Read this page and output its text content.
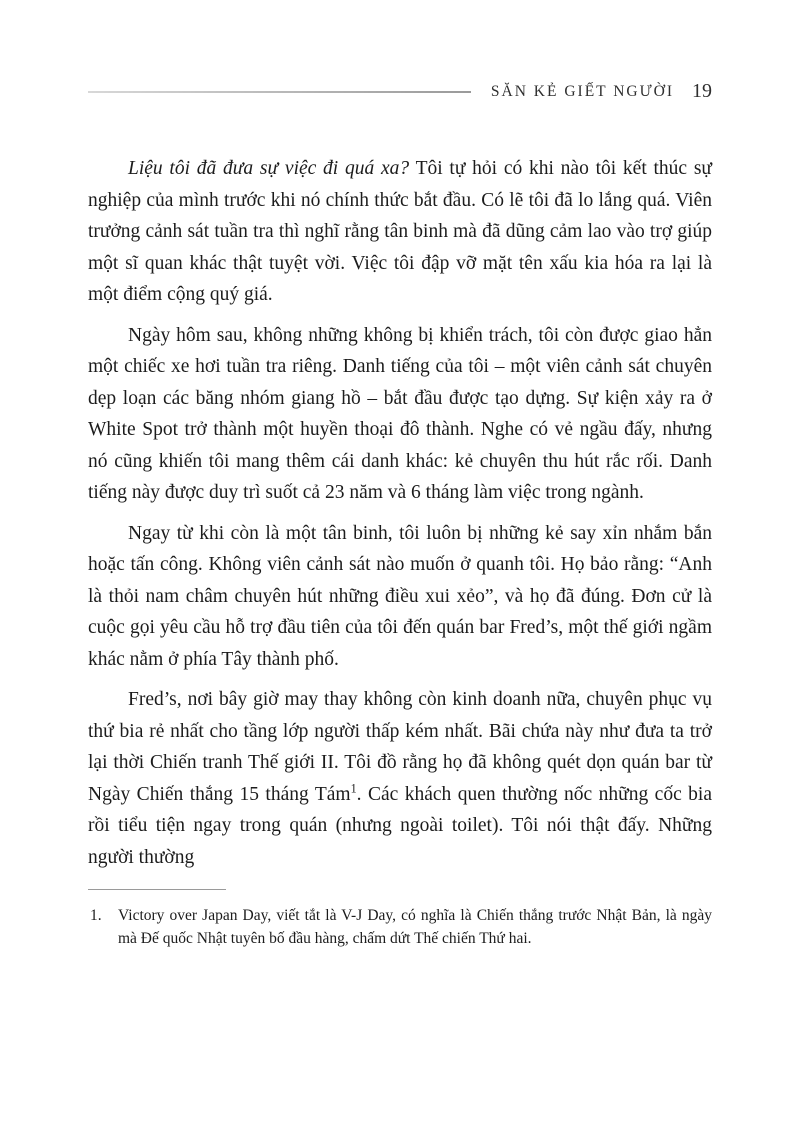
SĂN KẺ GIẾT NGƯỜI 19

Liệu tôi đã đưa sự việc đi quá xa? Tôi tự hỏi có khi nào tôi kết thúc sự nghiệp của mình trước khi nó chính thức bắt đầu. Có lẽ tôi đã lo lắng quá. Viên trưởng cảnh sát tuần tra thì nghĩ rằng tân binh mà đã dũng cảm lao vào trợ giúp một sĩ quan khác thật tuyệt vời. Việc tôi đập vỡ mặt tên xấu kia hóa ra lại là một điểm cộng quý giá.

Ngày hôm sau, không những không bị khiển trách, tôi còn được giao hẳn một chiếc xe hơi tuần tra riêng. Danh tiếng của tôi – một viên cảnh sát chuyên dẹp loạn các băng nhóm giang hồ – bắt đầu được tạo dựng. Sự kiện xảy ra ở White Spot trở thành một huyền thoại đô thành. Nghe có vẻ ngầu đấy, nhưng nó cũng khiến tôi mang thêm cái danh khác: kẻ chuyên thu hút rắc rối. Danh tiếng này được duy trì suốt cả 23 năm và 6 tháng làm việc trong ngành.

Ngay từ khi còn là một tân binh, tôi luôn bị những kẻ say xỉn nhắm bắn hoặc tấn công. Không viên cảnh sát nào muốn ở quanh tôi. Họ bảo rằng: “Anh là thỏi nam châm chuyên hút những điều xui xẻo”, và họ đã đúng. Đơn cử là cuộc gọi yêu cầu hỗ trợ đầu tiên của tôi đến quán bar Fred’s, một thế giới ngầm khác nằm ở phía Tây thành phố.

Fred’s, nơi bây giờ may thay không còn kinh doanh nữa, chuyên phục vụ thứ bia rẻ nhất cho tầng lớp người thấp kém nhất. Bãi chứa này như đưa ta trở lại thời Chiến tranh Thế giới II. Tôi đồ rằng họ đã không quét dọn quán bar từ Ngày Chiến thắng 15 tháng Tám$^1$. Các khách quen thường nốc những cốc bia rồi tiểu tiện ngay trong quán (nhưng ngoài toilet). Tôi nói thật đấy. Những người thường

1.	Victory over Japan Day, viết tắt là V-J Day, có nghĩa là Chiến thắng trước Nhật Bản, là ngày mà Đế quốc Nhật tuyên bố đầu hàng, chấm dứt Thế chiến Thứ hai.
